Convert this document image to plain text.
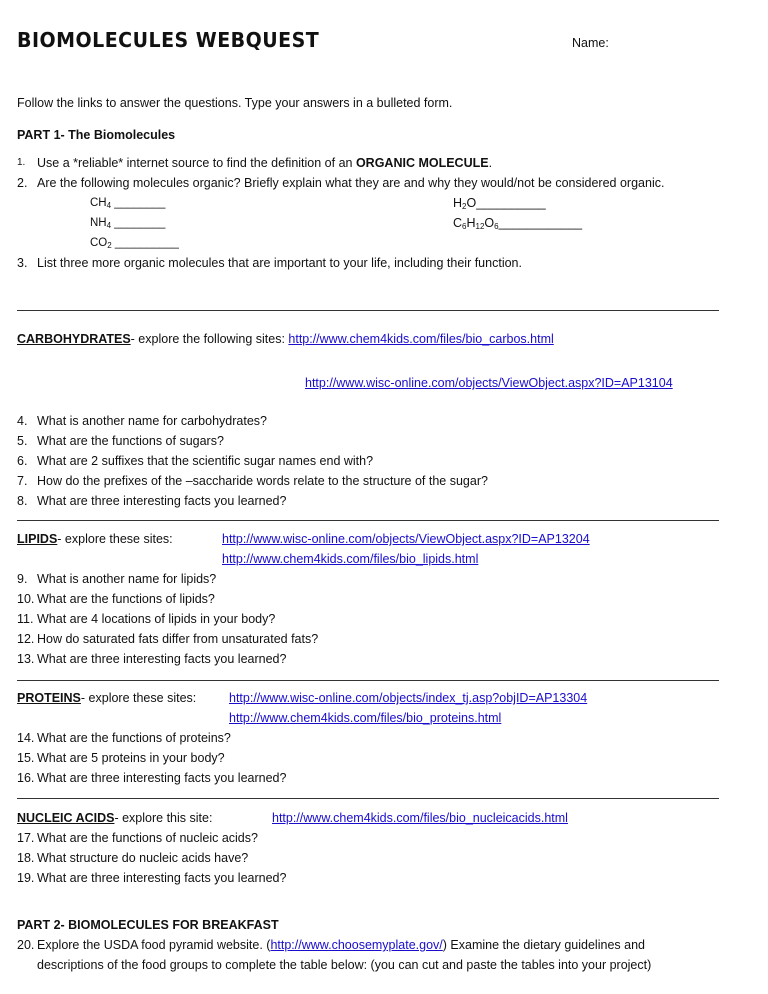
BIOMOLECULES WEBQUEST	Name:
Follow the links to answer the questions. Type your answers in a bulleted form.
PART 1- The Biomolecules
1. Use a *reliable* internet source to find the definition of an ORGANIC MOLECULE.
2. Are the following molecules organic? Briefly explain what they are and why they would/not be considered organic.
$CH_4$ ________	$H_2O\_\_\_\_\_\_\_\_\_\_$
$NH_4$ ________	$C_6H_{12}O_6\_\_\_\_\_\_\_\_\_\_\_\_$
$CO_2$ __________
3. List three more organic molecules that are important to your life, including their function.
CARBOHYDRATES- explore the following sites: http://www.chem4kids.com/files/bio_carbos.html
http://www.wisc-online.com/objects/ViewObject.aspx?ID=AP13104
4. What is another name for carbohydrates?
5. What are the functions of sugars?
6. What are 2 suffixes that the scientific sugar names end with?
7. How do the prefixes of the –saccharide words relate to the structure of the sugar?
8. What are three interesting facts you learned?
LIPIDS- explore these sites:	http://www.wisc-online.com/objects/ViewObject.aspx?ID=AP13204
http://www.chem4kids.com/files/bio_lipids.html
9. What is another name for lipids?
10. What are the functions of lipids?
11. What are 4 locations of lipids in your body?
12. How do saturated fats differ from unsaturated fats?
13. What are three interesting facts you learned?
PROTEINS- explore these sites:	http://www.wisc-online.com/objects/index_tj.asp?objID=AP13304
http://www.chem4kids.com/files/bio_proteins.html
14. What are the functions of proteins?
15. What are 5 proteins in your body?
16. What are three interesting facts you learned?
NUCLEIC ACIDS- explore this site:	http://www.chem4kids.com/files/bio_nucleicacids.html
17. What are the functions of nucleic acids?
18. What structure do nucleic acids have?
19. What are three interesting facts you learned?
PART 2- BIOMOLECULES FOR BREAKFAST
20. Explore the USDA food pyramid website. (http://www.choosemyplate.gov/) Examine the dietary guidelines and
descriptions of the food groups to complete the table below: (you can cut and paste the tables into your project)
